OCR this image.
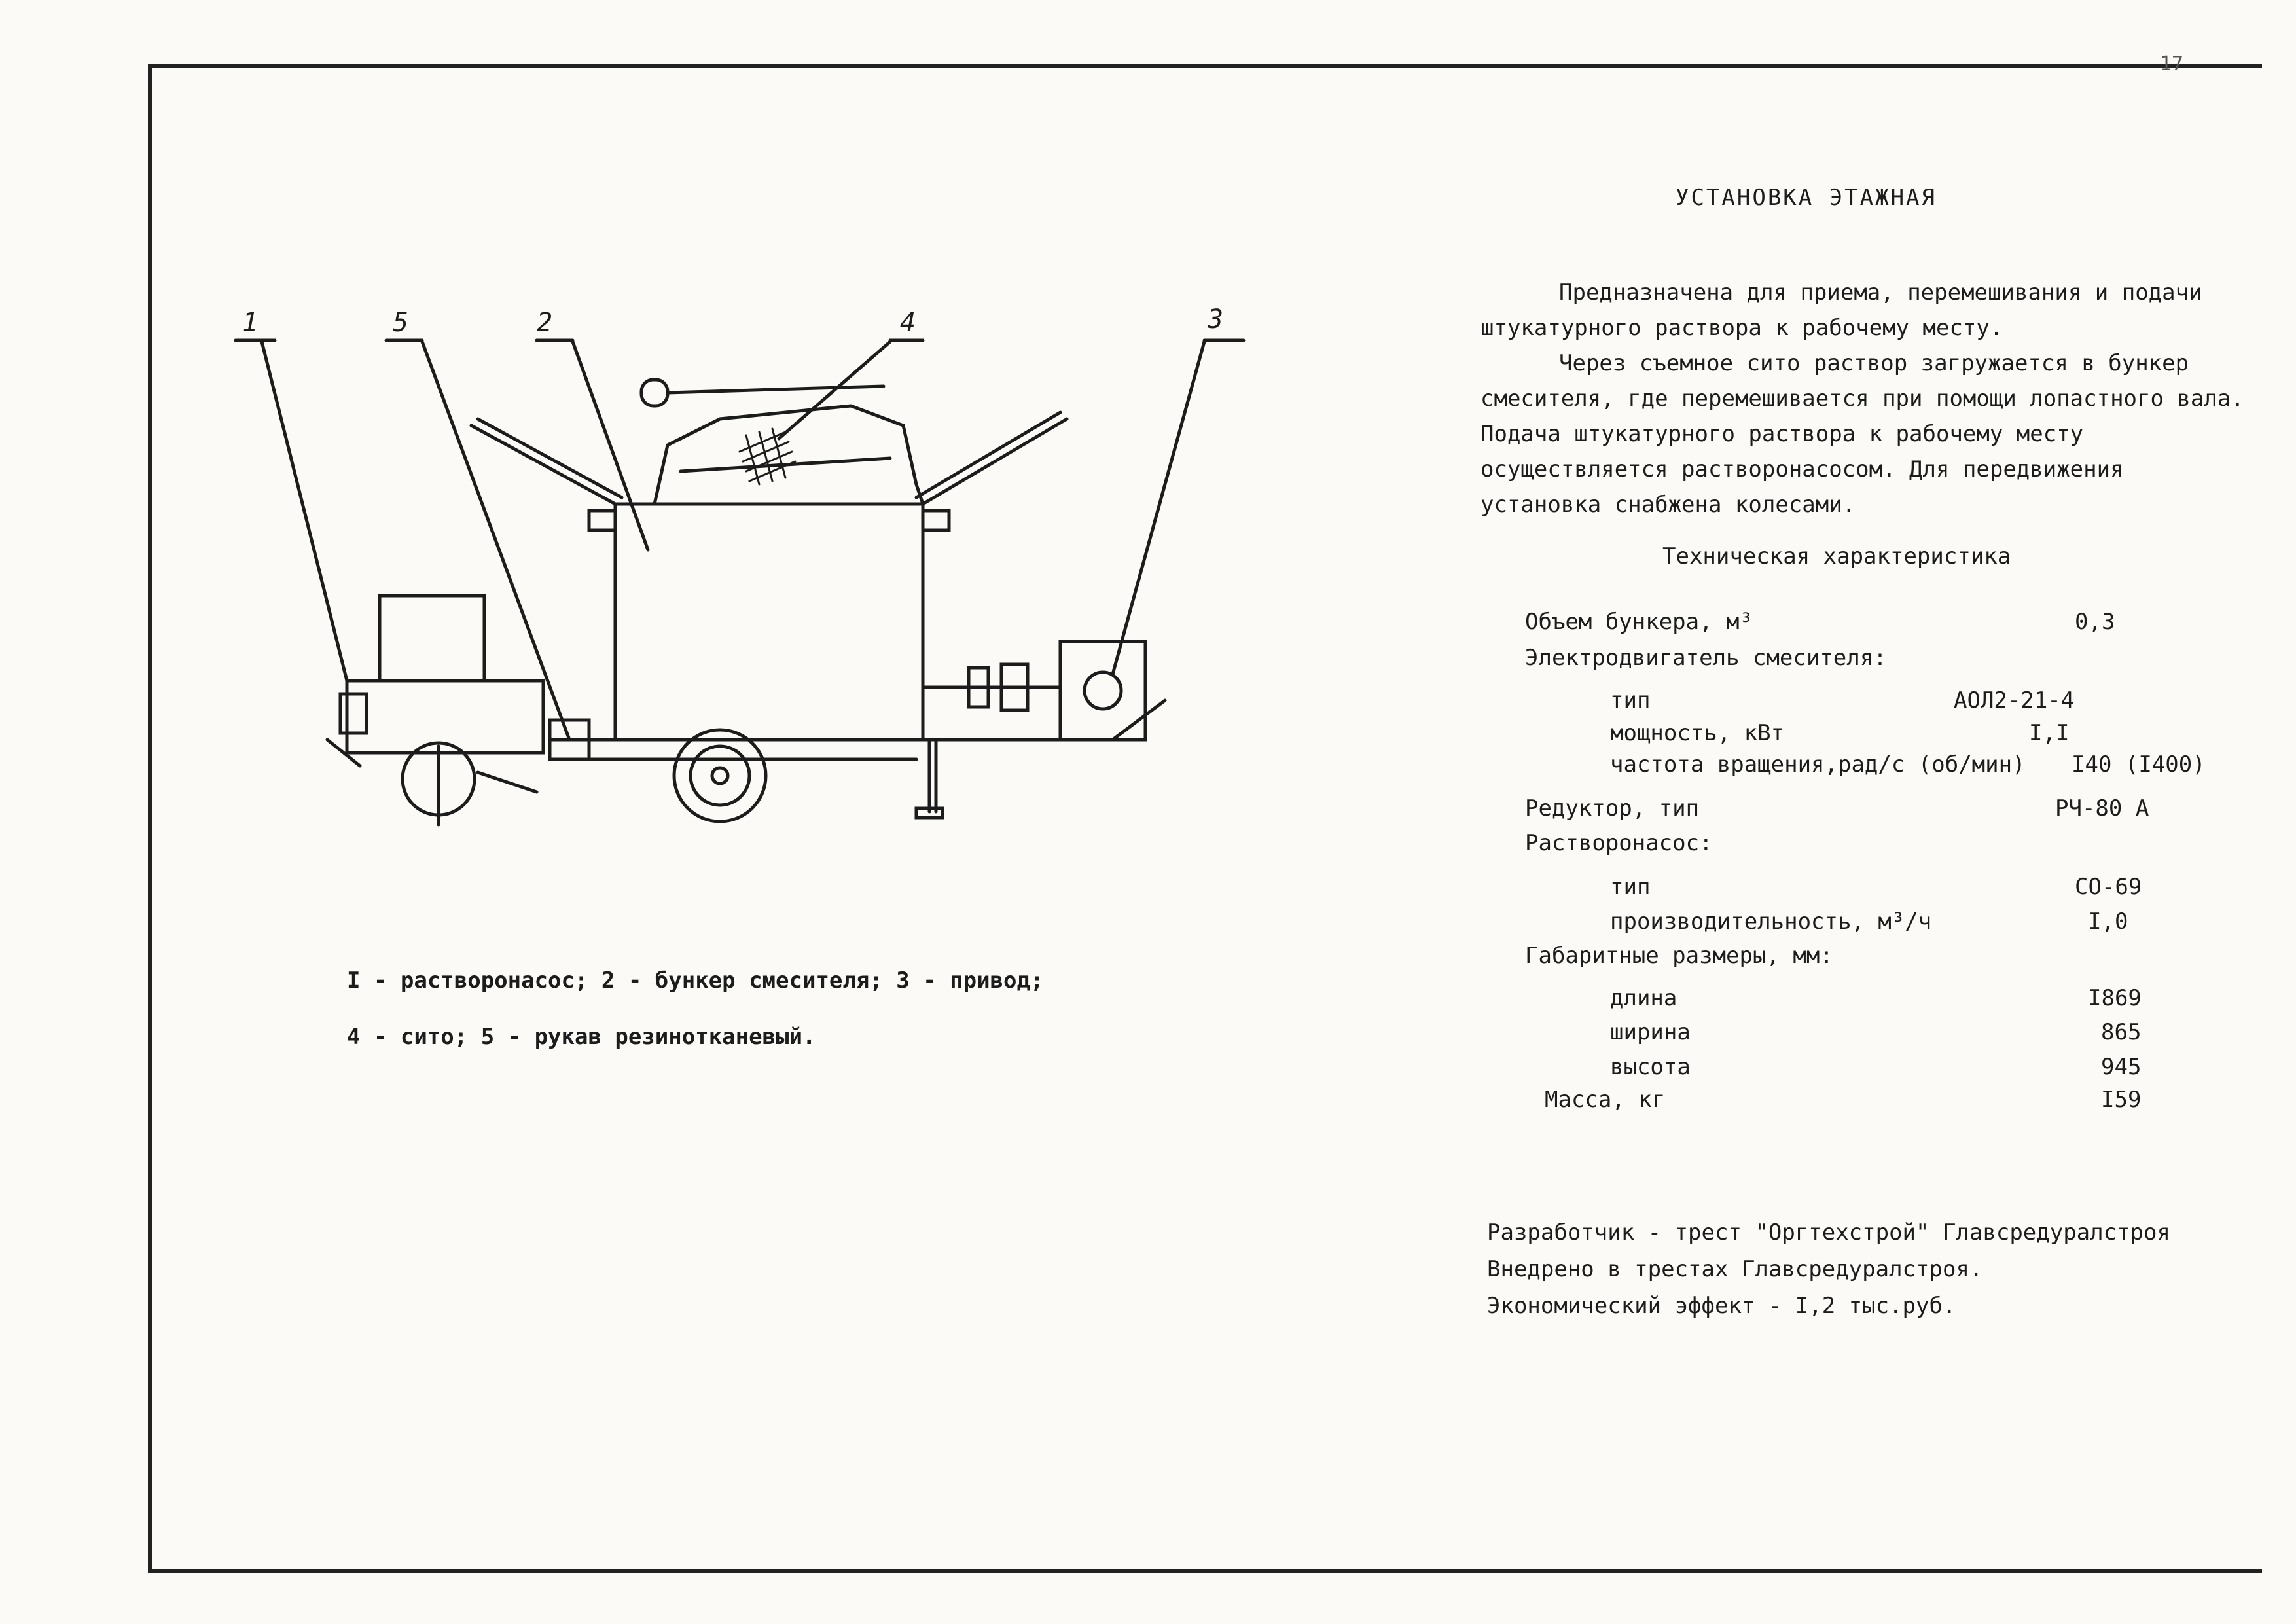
17
УСТАНОВКА ЭТАЖНАЯ

Предназначена для приема, перемешивания и подачи штукатурного раствора к рабочему месту.

Через съемное сито раствор загружается в бункер смесителя, где перемешивается при помощи лопастного вала. Подача штукатурного раствора к рабочему месту осуществляется растворонасосом. Для передвижения установка снабжена колесами.

Техническая характеристика
Объем бункера, м³	0,3
Электродвигатель смесителя:
тип	АОЛ2-21-4
мощность, кВт	I,I
частота вращения,рад/с (об/мин) I40 (I400)
Редуктор, тип	РЧ-80 А
Растворонасос:
тип	СО-69
производительность, м³/ч	I,0
Габаритные размеры, мм:
длина	I869
ширина	865
высота	945
Масса, кг	I59
Разработчик - трест "Оргтехстрой" Главсредуралстроя
Внедрено в трестах Главсредуралстроя.
Экономический эффект - I,2 тыс.руб.
I - растворонасос; 2 - бункер смесителя; 3 - привод;
4 - сито; 5 - рукав резинотканевый.
1	5	2	4	3
